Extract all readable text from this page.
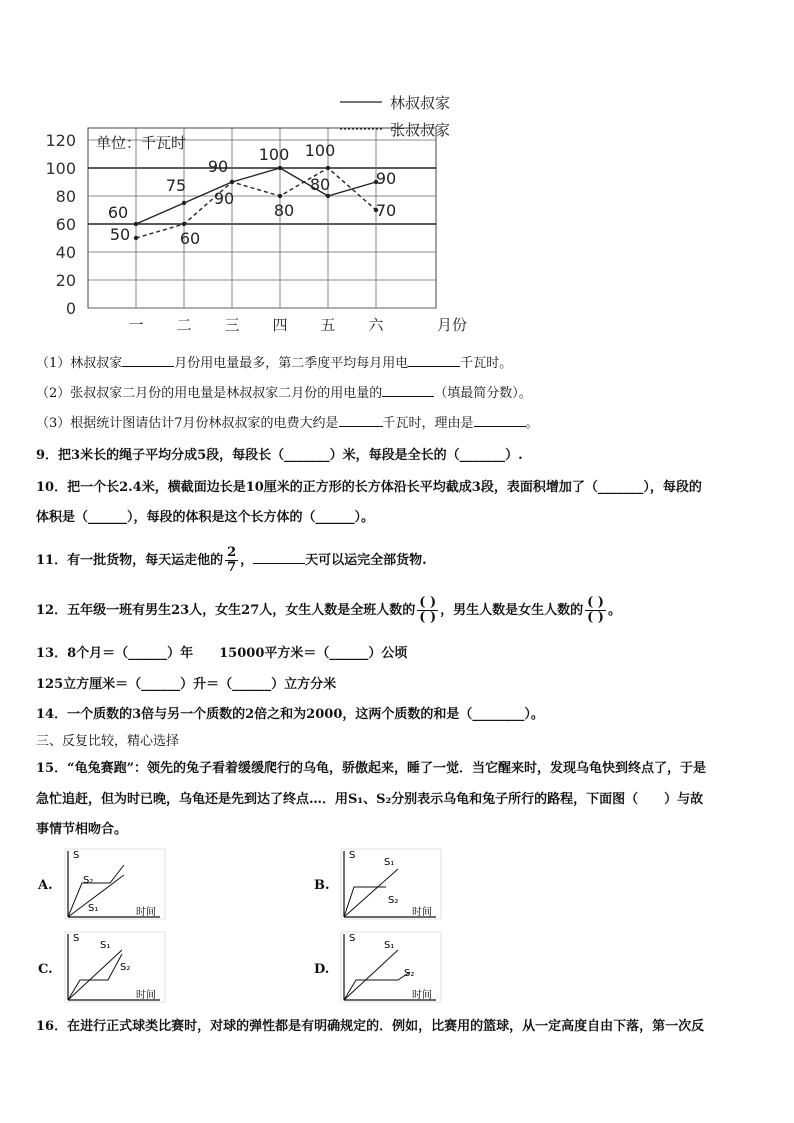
0
20
40
60
80
100
120
一 二 三 四 五 六	月份
单位：千瓦时
林叔叔家
张叔叔家
60
75
90
100
80	90
50	60
90
80
100
70
（1）林叔叔家	月份用电量最多，第二季度平均每月用电	千瓦时。
（2）张叔叔家二月份的用电量是林叔叔家二月份的用电量的	（填最简分数）。
（3）根据统计图请估计7月份林叔叔家的电费大约是	千瓦时，理由是	。
9．把3米长的绳子平均分成5段，每段长（_______）米，每段是全长的（_______）.
10．把一个长2.4米，横截面边长是10厘米的正方形的长方体沿长平均截成3段，表面积增加了（_______），每段的
体积是（______），每段的体积是这个长方体的（______）。
11．有一批货物，每天运走他的 $\frac{2}{7}$ ，	天可以运完全部货物.
12．五年级一班有男生23人，女生27人，女生人数是全班人数的 $\frac{( )}{( )}$ ，男生人数是女生人数的 $\frac{( )}{( )}$ 。
13．8个月＝（______）年　　15000平方米＝（______）公顷
125立方厘米＝（______）升＝（______）立方分米
14．一个质数的3倍与另一个质数的2倍之和为2000，这两个质数的和是（________）。
三、反复比较，精心选择
15．“龟兔赛跑”：领先的兔子看着缓缓爬行的乌龟，骄傲起来，睡了一觉．当它醒来时，发现乌龟快到终点了，于是
急忙追赶，但为时已晚，乌龟还是先到达了终点…．用S₁、S₂分别表示乌龟和兔子所行的路程，下面图（　　）与故
事情节相吻合。
A.
S
S₂
S₁	时间
B.
S
S₁
S₂
时间
C.
S
S₁
S₂
时间
D.
S
S₁
S₂
时间
16．在进行正式球类比赛时，对球的弹性都是有明确规定的．例如，比赛用的篮球，从一定高度自由下落，第一次反
